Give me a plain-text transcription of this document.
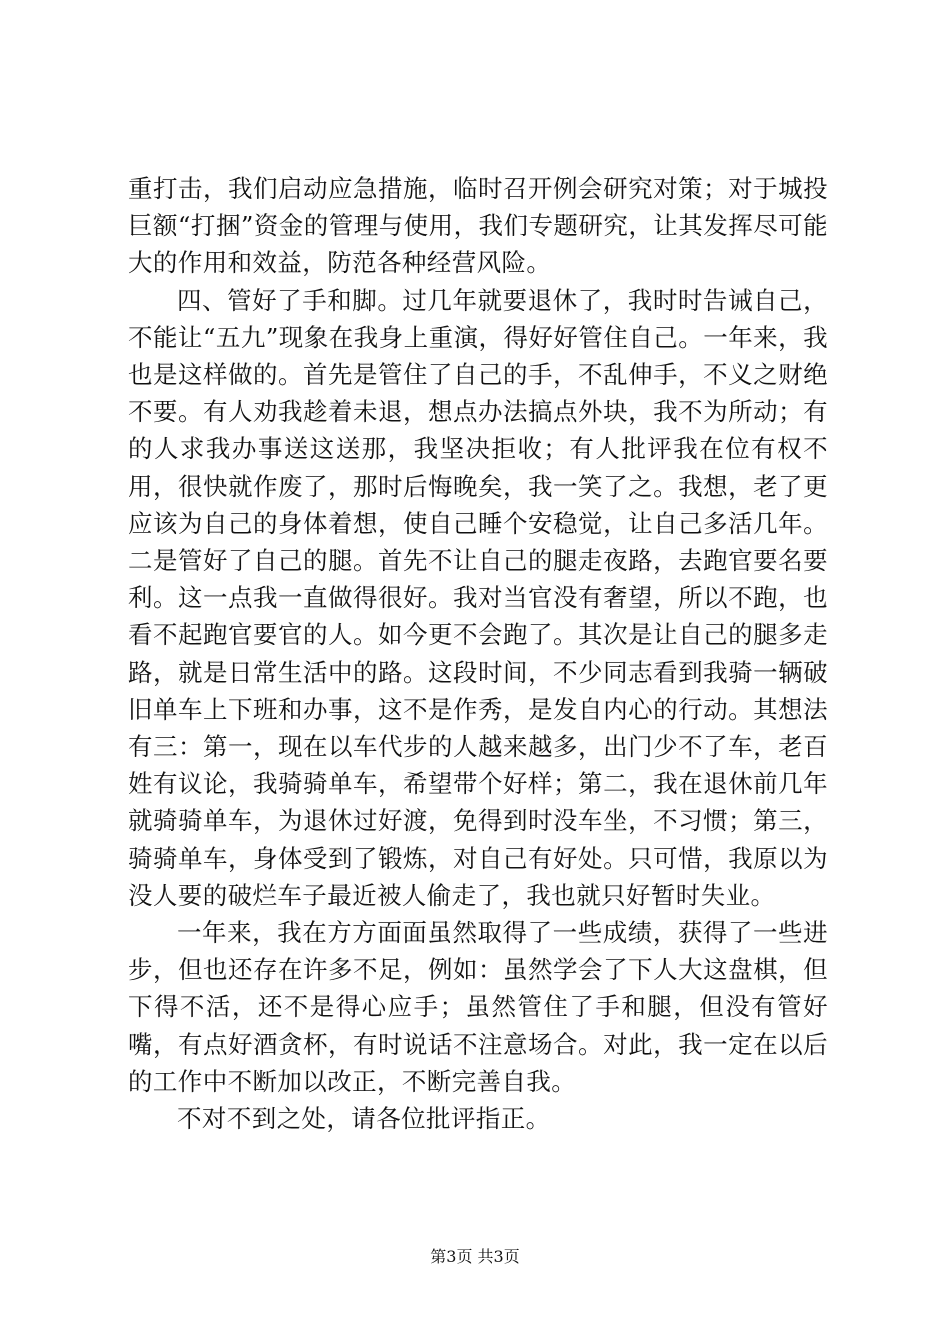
重打击，我们启动应急措施，临时召开例会研究对策；对于城投巨额“打捆”资金的管理与使用，我们专题研究，让其发挥尽可能大的作用和效益，防范各种经营风险。

四、管好了手和脚。过几年就要退休了，我时时告诫自己，不能让“五九”现象在我身上重演，得好好管住自己。一年来，我也是这样做的。首先是管住了自己的手，不乱伸手，不义之财绝不要。有人劝我趁着未退，想点办法搞点外块，我不为所动；有的人求我办事送这送那，我坚决拒收；有人批评我在位有权不用，很快就作废了，那时后悔晚矣，我一笑了之。我想，老了更应该为自己的身体着想，使自己睡个安稳觉，让自己多活几年。二是管好了自己的腿。首先不让自己的腿走夜路，去跑官要名要利。这一点我一直做得很好。我对当官没有奢望，所以不跑，也看不起跑官要官的人。如今更不会跑了。其次是让自己的腿多走路，就是日常生活中的路。这段时间，不少同志看到我骑一辆破旧单车上下班和办事，这不是作秀，是发自内心的行动。其想法有三：第一，现在以车代步的人越来越多，出门少不了车，老百姓有议论，我骑骑单车，希望带个好样；第二，我在退休前几年就骑骑单车，为退休过好渡，免得到时没车坐，不习惯；第三，骑骑单车，身体受到了锻炼，对自己有好处。只可惜，我原以为没人要的破烂车子最近被人偷走了，我也就只好暂时失业。

一年来，我在方方面面虽然取得了一些成绩，获得了一些进步，但也还存在许多不足，例如：虽然学会了下人大这盘棋，但下得不活，还不是得心应手；虽然管住了手和腿，但没有管好嘴，有点好酒贪杯，有时说话不注意场合。对此，我一定在以后的工作中不断加以改正，不断完善自我。

不对不到之处，请各位批评指正。

第3页 共3页
